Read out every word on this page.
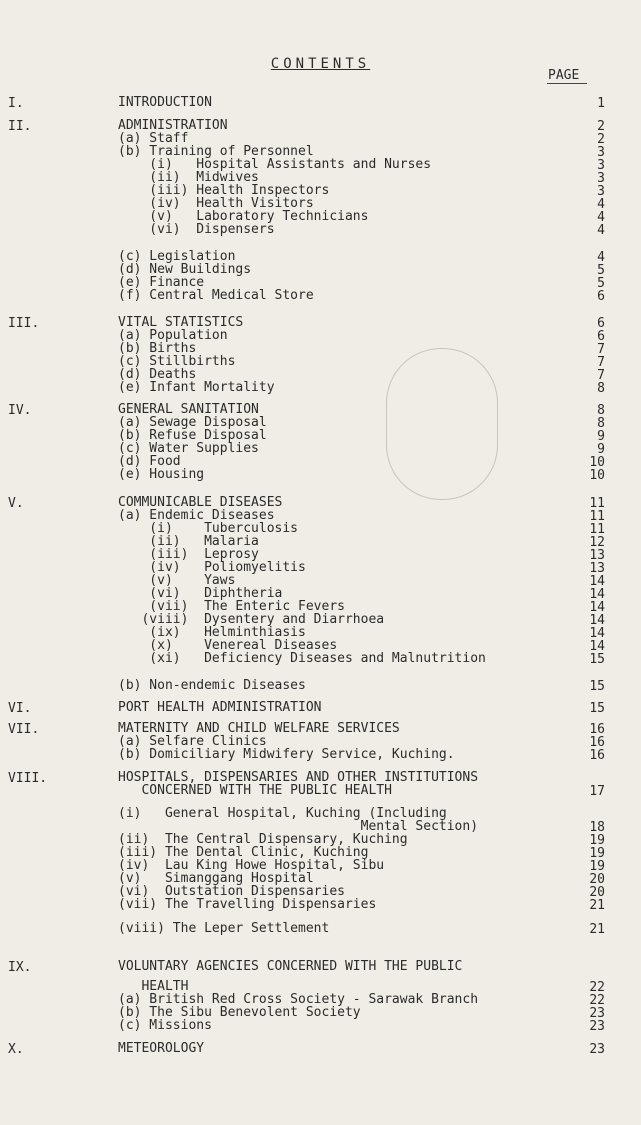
CONTENTS
PAGE
I.	INTRODUCTION	1
II.	ADMINISTRATION	2
(a) Staff	2
(b) Training of Personnel	3
(i)   Hospital Assistants and Nurses	3
(ii)  Midwives	3
(iii) Health Inspectors	3
(iv)  Health Visitors	4
(v)   Laboratory Technicians	4
(vi)  Dispensers	4
(c) Legislation	4
(d) New Buildings	5
(e) Finance	5
(f) Central Medical Store	6
III.	VITAL STATISTICS	6
(a) Population	6
(b) Births	7
(c) Stillbirths	7
(d) Deaths	7
(e) Infant Mortality	8
IV.	GENERAL SANITATION	8
(a) Sewage Disposal	8
(b) Refuse Disposal	9
(c) Water Supplies	9
(d) Food	10
(e) Housing	10
V.	COMMUNICABLE DISEASES	11
(a) Endemic Diseases	11
(i)    Tuberculosis	11
(ii)   Malaria	12
(iii)  Leprosy	13
(iv)   Poliomyelitis	13
(v)    Yaws	14
(vi)   Diphtheria	14
(vii)  The Enteric Fevers	14
(viii)  Dysentery and Diarrhoea	14
(ix)   Helminthiasis	14
(x)    Venereal Diseases	14
(xi)   Deficiency Diseases and Malnutrition	15
(b) Non-endemic Diseases	15
VI.	PORT HEALTH ADMINISTRATION	15
VII.	MATERNITY AND CHILD WELFARE SERVICES	16
(a) Selfare Clinics	16
(b) Domiciliary Midwifery Service, Kuching.	16
VIII.	HOSPITALS, DISPENSARIES AND OTHER INSTITUTIONS
CONCERNED WITH THE PUBLIC HEALTH	17
(i)   General Hospital, Kuching (Including
Mental Section)	18
(ii)  The Central Dispensary, Kuching	19
(iii) The Dental Clinic, Kuching	19
(iv)  Lau King Howe Hospital, Sibu	19
(v)   Simanggang Hospital	20
(vi)  Outstation Dispensaries	20
(vii) The Travelling Dispensaries	21
(viii) The Leper Settlement	21
IX.	VOLUNTARY AGENCIES CONCERNED WITH THE PUBLIC
HEALTH	22
(a) British Red Cross Society - Sarawak Branch	22
(b) The Sibu Benevolent Society	23
(c) Missions	23
X.	METEOROLOGY	23
